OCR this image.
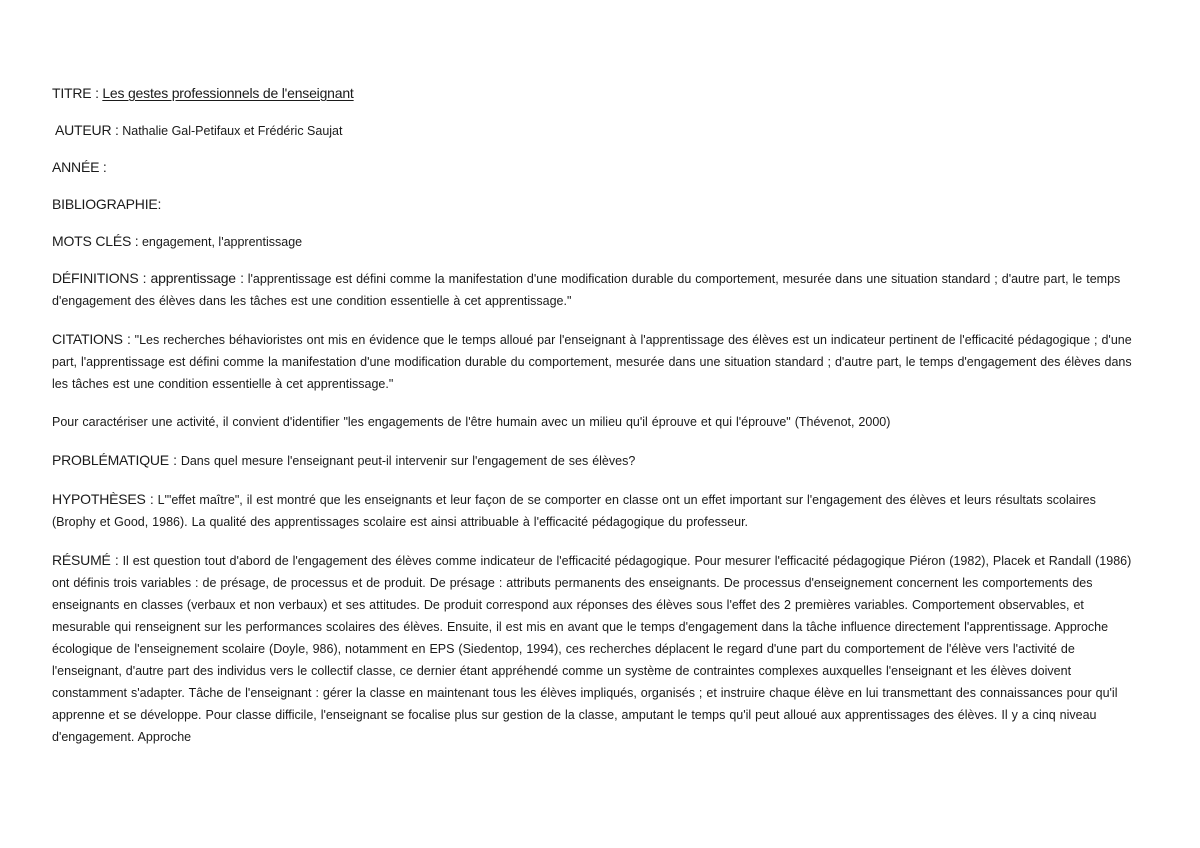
TITRE : Les gestes professionnels de l'enseignant
AUTEUR : Nathalie Gal-Petifaux et Frédéric Saujat
ANNÉE :
BIBLIOGRAPHIE:
MOTS CLÉS : engagement, l'apprentissage
DÉFINITIONS : apprentissage : l'apprentissage est défini comme la manifestation d'une modification durable du comportement, mesurée dans une situation standard ; d'autre part, le temps d'engagement des élèves dans les tâches est une condition essentielle à cet apprentissage."
CITATIONS : "Les recherches béhavioristes ont mis en évidence que le temps alloué par l'enseignant à l'apprentissage des élèves est un indicateur pertinent de l'efficacité pédagogique ; d'une part, l'apprentissage est défini comme la manifestation d'une modification durable du comportement, mesurée dans une situation standard ; d'autre part, le temps d'engagement des élèves dans les tâches est une condition essentielle à cet apprentissage."
Pour caractériser une activité, il convient d'identifier "les engagements de l'être humain avec un milieu qu'il éprouve et qui l'éprouve" (Thévenot, 2000)
PROBLÉMATIQUE : Dans quel mesure l'enseignant peut-il intervenir sur l'engagement de ses élèves?
HYPOTHÈSES : L'"effet maître", il est montré que les enseignants et leur façon de se comporter en classe ont un effet important sur l'engagement des élèves et leurs résultats scolaires (Brophy et Good, 1986). La qualité des apprentissages scolaire est ainsi attribuable à l'efficacité pédagogique du professeur.
RÉSUMÉ : Il est question tout d'abord de l'engagement des élèves comme indicateur de l'efficacité pédagogique. Pour mesurer l'efficacité pédagogique Piéron (1982), Placek et Randall (1986) ont définis trois variables : de présage, de processus et de produit. De présage : attributs permanents des enseignants. De processus d'enseignement concernent les comportements des enseignants en classes (verbaux et non verbaux) et ses attitudes. De produit correspond aux réponses des élèves sous l'effet des 2 premières variables. Comportement observables, et mesurable qui renseignent sur les performances scolaires des élèves. Ensuite, il est mis en avant que le temps d'engagement dans la tâche influence directement l'apprentissage. Approche écologique de l'enseignement scolaire (Doyle, 986), notamment en EPS (Siedentop, 1994), ces recherches déplacent le regard d'une part du comportement de l'élève vers l'activité de l'enseignant, d'autre part des individus vers le collectif classe, ce dernier étant appréhendé comme un système de contraintes complexes auxquelles l'enseignant et les élèves doivent constamment s'adapter. Tâche de l'enseignant : gérer la classe en maintenant tous les élèves impliqués, organisés ; et instruire chaque élève en lui transmettant des connaissances pour qu'il apprenne et se développe. Pour classe difficile, l'enseignant se focalise plus sur gestion de la classe, amputant le temps qu'il peut alloué aux apprentissages des élèves. Il y a cinq niveau d'engagement. Approche
